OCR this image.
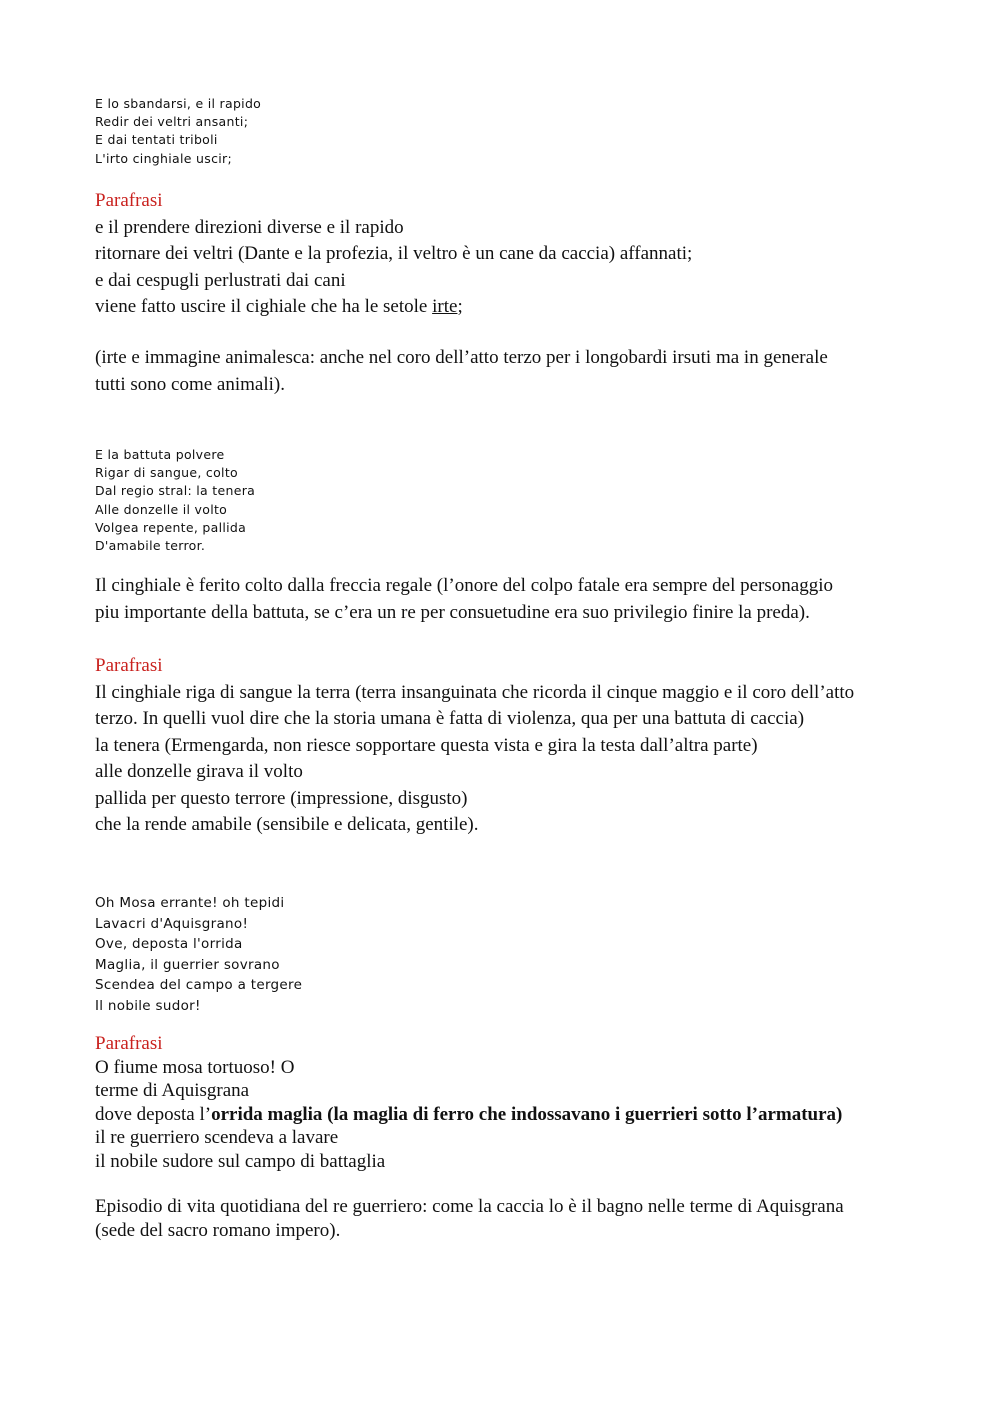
E lo sbandarsi, e il rapido
Redir dei veltri ansanti;
E dai tentati triboli
L'irto cinghiale uscir;
Parafrasi
e il prendere direzioni diverse e il rapido
ritornare dei veltri (Dante e la profezia, il veltro è un cane da caccia) affannati;
e dai cespugli perlustrati dai cani
viene fatto uscire il cighiale che ha le setole irte;
(irte e immagine animalesca: anche nel coro dell’atto terzo per i longobardi irsuti ma in generale
tutti sono come animali).
E la battuta polvere
Rigar di sangue, colto
Dal regio stral: la tenera
Alle donzelle il volto
Volgea repente, pallida
D'amabile terror.
Il cinghiale è ferito colto dalla freccia regale (l’onore del colpo fatale era sempre del personaggio
piu importante della battuta, se c’era un re per consuetudine era suo privilegio finire la preda).
Parafrasi
Il cinghiale riga di sangue la terra (terra insanguinata che ricorda il cinque maggio e il coro dell’atto
terzo. In quelli vuol dire che la storia umana è fatta di violenza, qua per una battuta di caccia)
la tenera (Ermengarda, non riesce sopportare questa vista e gira la testa dall’altra parte)
alle donzelle girava il volto
pallida per questo terrore (impressione, disgusto)
che la rende amabile (sensibile e delicata, gentile).
Oh Mosa errante! oh tepidi
Lavacri d'Aquisgrano!
Ove, deposta l'orrida
Maglia, il guerrier sovrano
Scendea del campo a tergere
Il nobile sudor!
Parafrasi
O fiume mosa tortuoso! O
terme di Aquisgrana
dove deposta l’orrida maglia (la maglia di ferro che indossavano i guerrieri sotto l’armatura)
il re guerriero scendeva a lavare
il nobile sudore sul campo di battaglia
Episodio di vita quotidiana del re guerriero: come la caccia lo è il bagno nelle terme di Aquisgrana
(sede del sacro romano impero).
